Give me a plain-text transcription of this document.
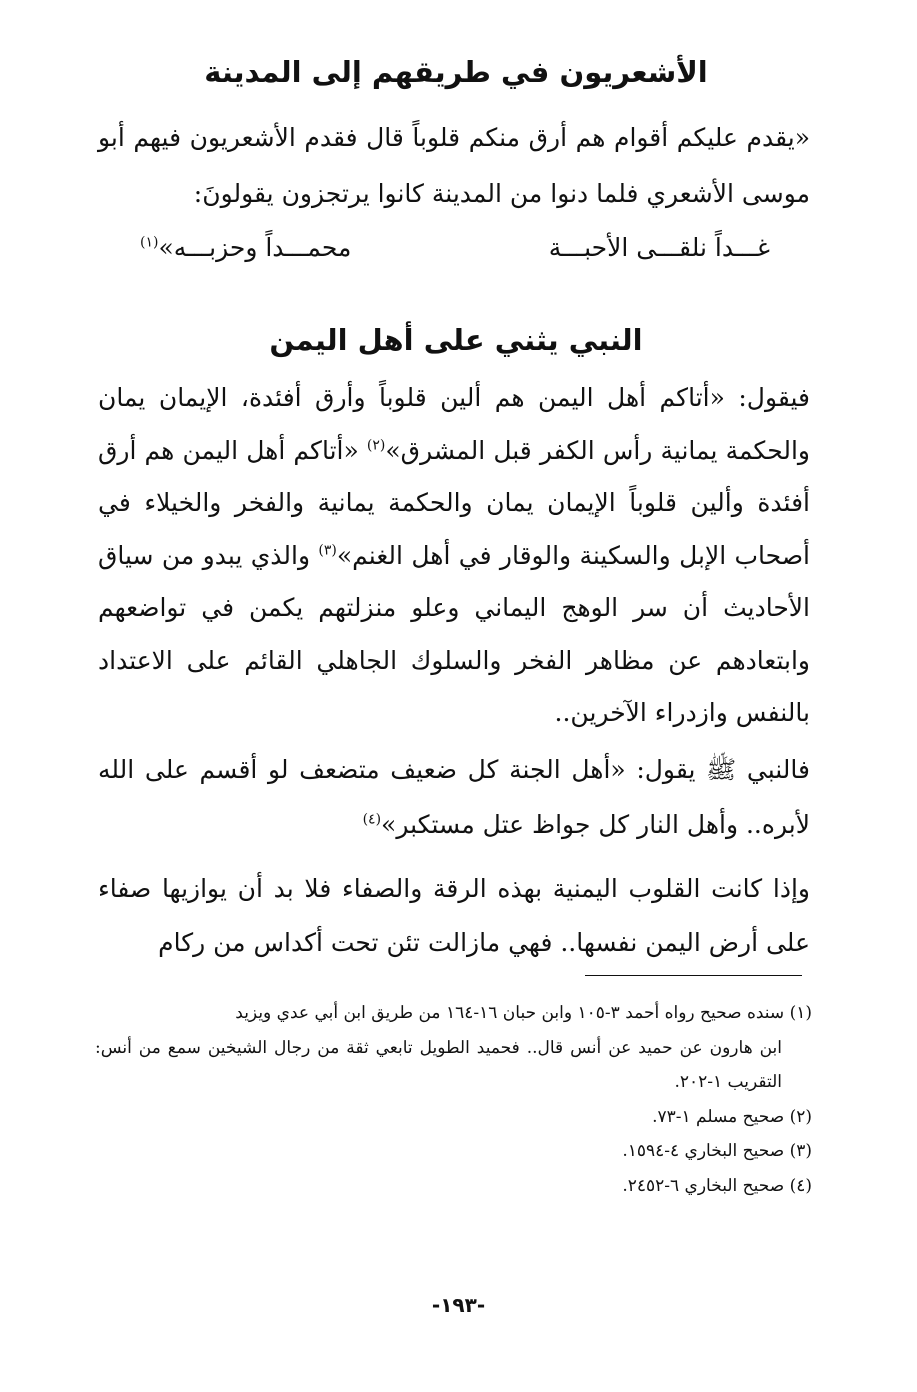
الأشعريون في طريقهم إلى المدينة

«يقدم عليكم أقوام هم أرق منكم قلوباً قال فقدم الأشعريون فيهم أبو موسى الأشعري فلما دنوا من المدينة كانوا يرتجزون يقولونَ:

غـــداً نلقـــى الأحبـــة
محمـــداً وحزبـــه»$^{(١)}$
النبي يثني على أهل اليمن

فيقول: «أتاكم أهل اليمن هم ألين قلوباً وأرق أفئدة، الإيمان يمان والحكمة يمانية رأس الكفر قبل المشرق»$^{(٢)}$ «أتاكم أهل اليمن هم أرق أفئدة وألين قلوباً الإيمان يمان والحكمة يمانية والفخر والخيلاء في أصحاب الإبل والسكينة والوقار في أهل الغنم»$^{(٣)}$ والذي يبدو من سياق الأحاديث أن سر الوهج اليماني وعلو منزلتهم يكمن في تواضعهم وابتعادهم عن مظاهر الفخر والسلوك الجاهلي القائم على الاعتداد بالنفس وازدراء الآخرين..

فالنبي ﷺ يقول: «أهل الجنة كل ضعيف متضعف لو أقسم على الله لأبره.. وأهل النار كل جواظ عتل مستكبر»$^{(٤)}$

وإذا كانت القلوب اليمنية بهذه الرقة والصفاء فلا بد أن يوازيها صفاء على أرض اليمن نفسها.. فهي مازالت تئن تحت أكداس من ركام

(١) سنده صحيح رواه أحمد ٣-١٠٥ وابن حبان ١٦-١٦٤ من طريق ابن أبي عدي ويزيد
ابن هارون عن حميد عن أنس قال.. فحميد الطويل تابعي ثقة من رجال الشيخين سمع من أنس: التقريب ١-٢٠٢.
(٢) صحيح مسلم ١-٧٣.
(٣) صحيح البخاري ٤-١٥٩٤.
(٤) صحيح البخاري ٦-٢٤٥٢.
-١٩٣-
